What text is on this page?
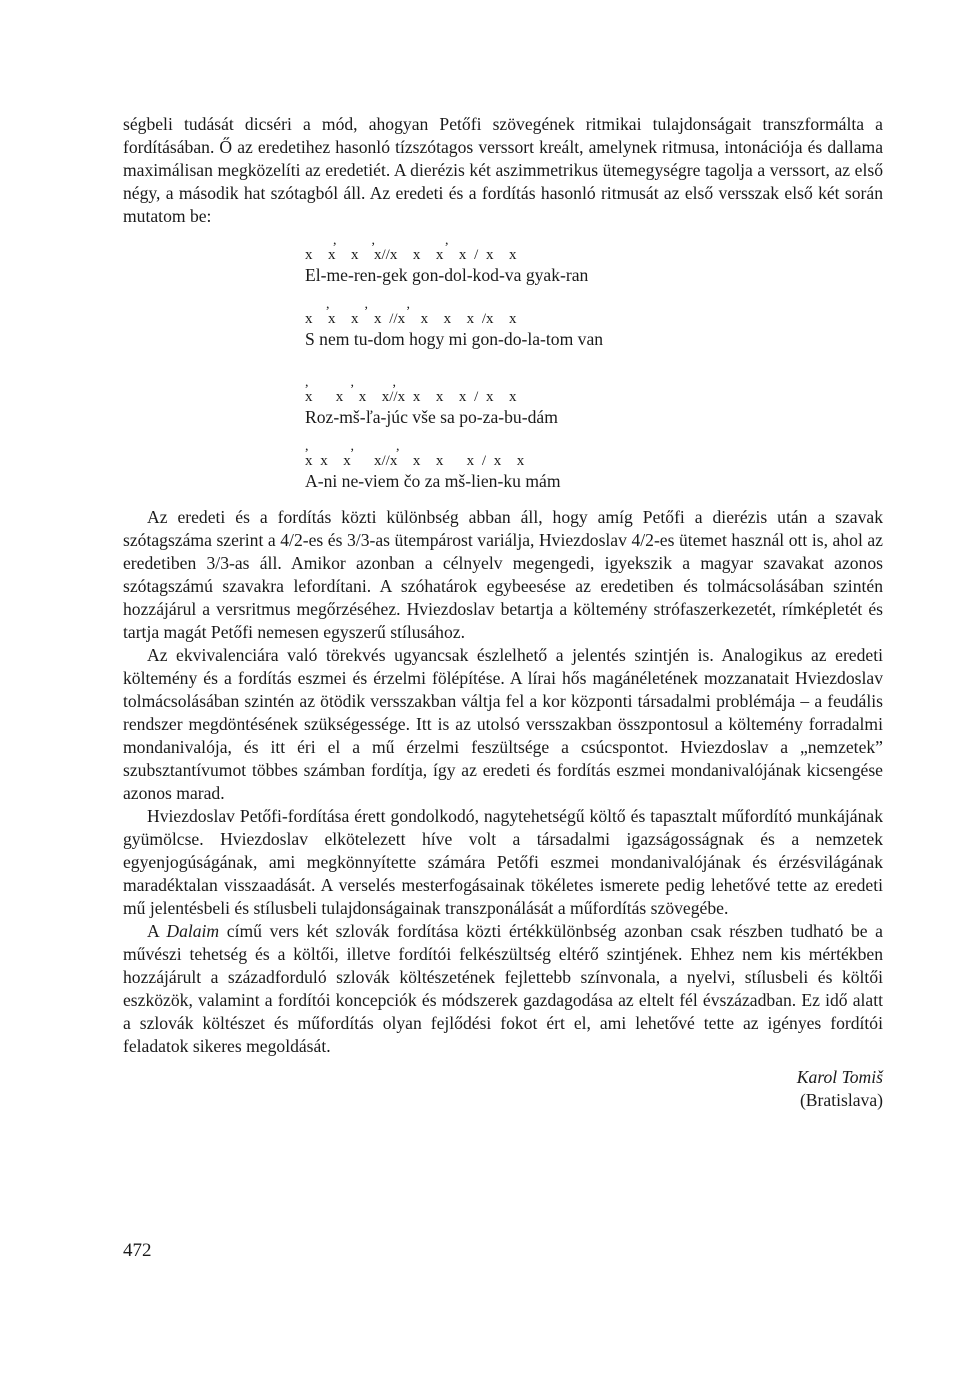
ségbeli tudását dicséri a mód, ahogyan Petőfi szövegének ritmikai tulajdonságait transzformálta a fordításában. Ő az eredetihez hasonló tízszótagos verssort kreált, amelynek ritmusa, intonációja és dallama maximálisan megközelíti az eredetiét. A dierézis két aszimmetrikus ütemegységre tagolja a verssort, az első négy, a második hat szótagból áll. Az eredeti és a fordítás hasonló ritmusát az első versszak első két során mutatom be:

,          ,                    ,
x  x  x  x//x  x  x  x / x  x
El-me-ren-gek gon-dol-kod-va gyak-ran
,          ,           ,
x  x  x  x //x  x  x  x /x  x
S nem tu-dom hogy mi gon-do-la-tom van
,            ,           ,
x   x  x  x//x x  x  x / x  x
Roz-mš-ľa-júc vše sa po-za-bu-dám
,            ,            ,
x x  x   x//x  x  x   x / x  x
A-ni ne-viem čo za mš-lien-ku mám

Az eredeti és a fordítás közti különbség abban áll, hogy amíg Petőfi a dierézis után a szavak szótagszáma szerint a 4/2-es és 3/3-as ütempárost variálja, Hviezdoslav 4/2-es ütemet használ ott is, ahol az eredetiben 3/3-as áll. Amikor azonban a célnyelv megengedi, igyekszik a magyar szavakat azonos szótagszámú szavakra lefordítani. A szóhatárok egybeesése az eredetiben és tolmácsolásában szintén hozzájárul a versritmus megőrzéséhez. Hviezdoslav betartja a költemény strófaszerkezetét, rímképletét és tartja magát Petőfi nemesen egyszerű stílusához.

Az ekvivalenciára való törekvés ugyancsak észlelhető a jelentés szintjén is. Analogikus az eredeti költemény és a fordítás eszmei és érzelmi fölépítése. A lírai hős magánéletének mozzanatait Hviezdoslav tolmácsolásában szintén az ötödik versszakban váltja fel a kor központi társadalmi problémája – a feudális rendszer megdöntésének szükségessége. Itt is az utolsó versszakban összpontosul a költemény forradalmi mondanivalója, és itt éri el a mű érzelmi feszültsége a csúcspontot. Hviezdoslav a „nemzetek” szubsztantívumot többes számban fordítja, így az eredeti és fordítás eszmei mondanivalójának kicsengése azonos marad.

Hviezdoslav Petőfi-fordítása érett gondolkodó, nagytehetségű költő és tapasztalt műfordító munkájának gyümölcse. Hviezdoslav elkötelezett híve volt a társadalmi igazságosságnak és a nemzetek egyenjogúságának, ami megkönnyítette számára Petőfi eszmei mondanivalójának és érzésvilágának maradéktalan visszaadását. A verselés mesterfogásainak tökéletes ismerete pedig lehetővé tette az eredeti mű jelentésbeli és stílusbeli tulajdonságainak transzponálását a műfordítás szövegébe.

A Dalaim című vers két szlovák fordítása közti értékkülönbség azonban csak részben tudható be a művészi tehetség és a költői, illetve fordítói felkészültség eltérő szintjének. Ehhez nem kis mértékben hozzájárult a századforduló szlovák költészetének fejlettebb színvonala, a nyelvi, stílusbeli és költői eszközök, valamint a fordítói koncepciók és módszerek gazdagodása az eltelt fél évszázadban. Ez idő alatt a szlovák költészet és műfordítás olyan fejlődési fokot ért el, ami lehetővé tette az igényes fordítói feladatok sikeres megoldását.

Karol Tomiš
(Bratislava)
472
